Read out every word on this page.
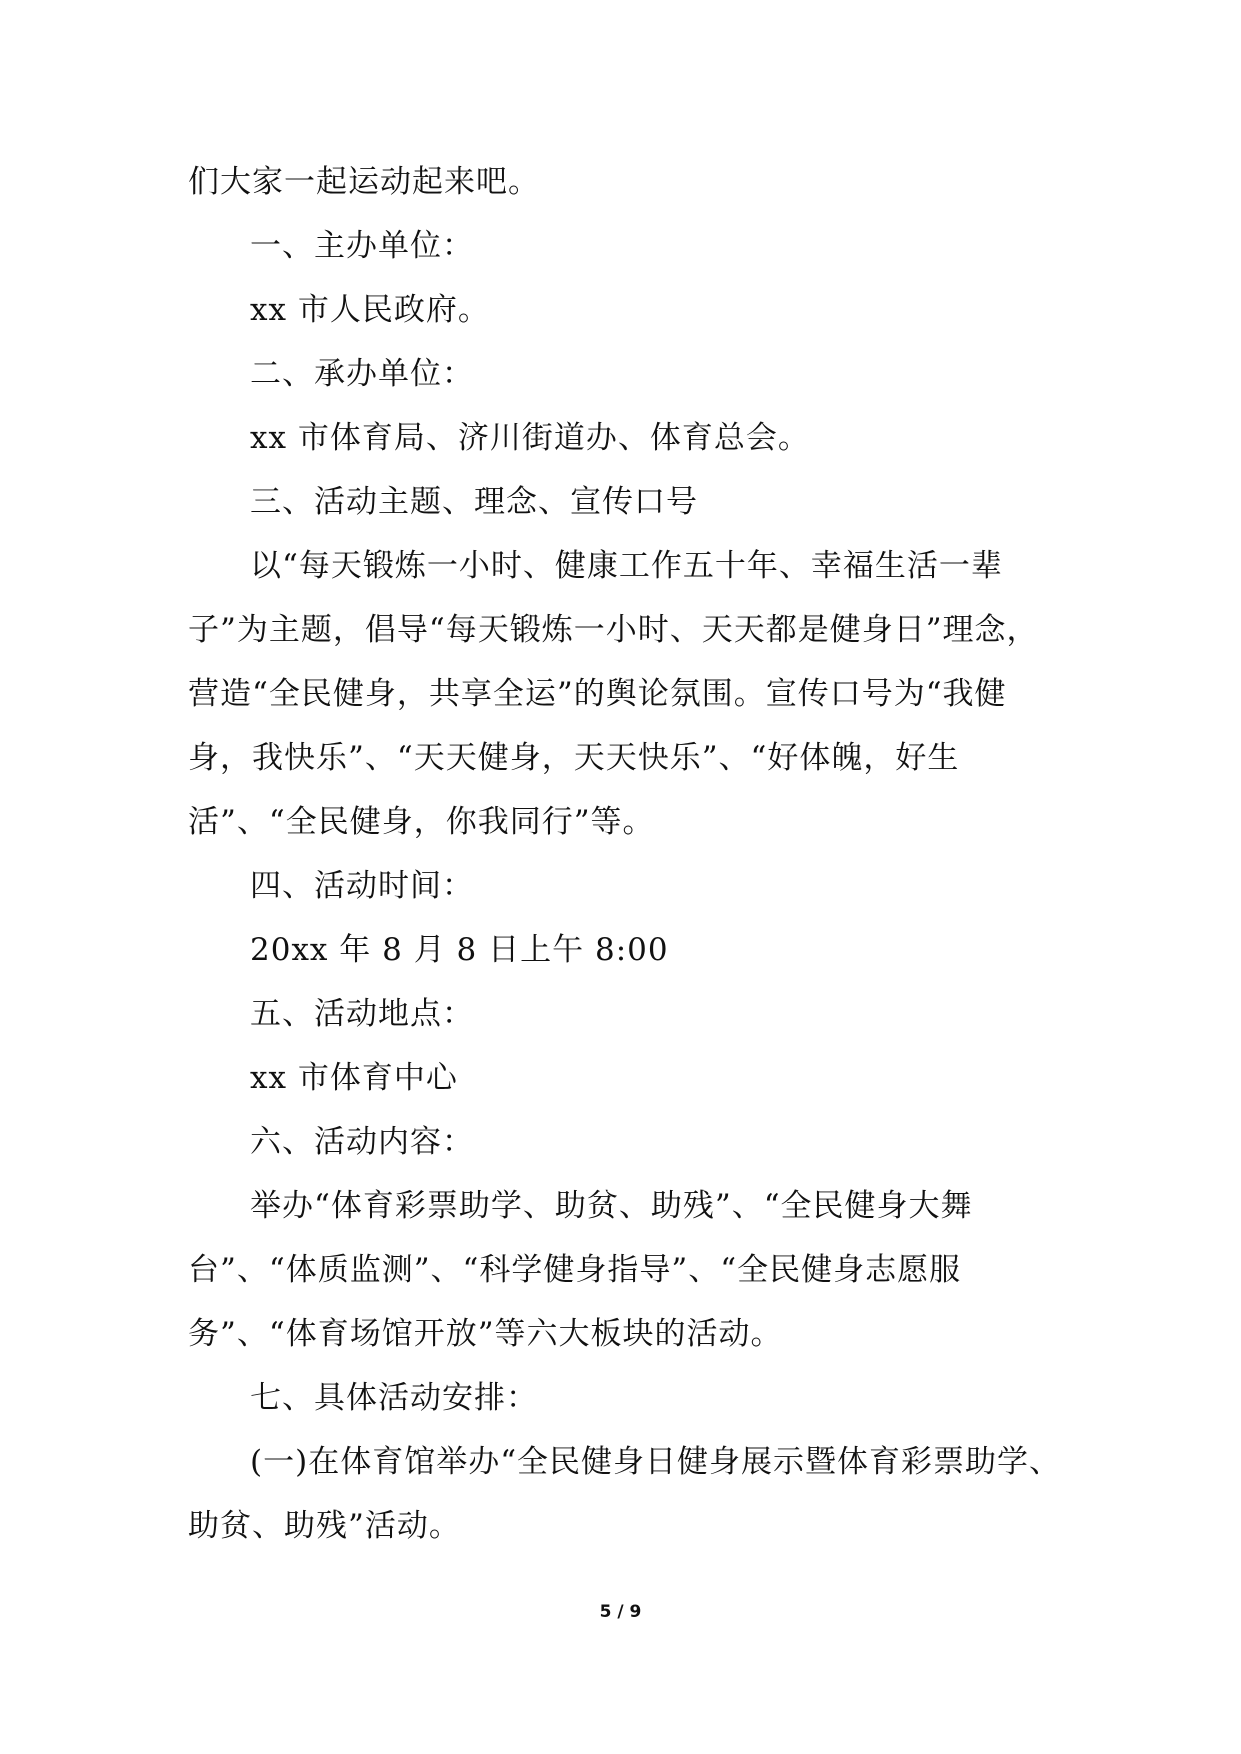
们大家一起运动起来吧。

一、主办单位：

xx 市人民政府。

二、承办单位：

xx 市体育局、济川街道办、体育总会。

三、活动主题、理念、宣传口号

以“每天锻炼一小时、健康工作五十年、幸福生活一辈子”为主题，倡导“每天锻炼一小时、天天都是健身日”理念，营造“全民健身，共享全运”的舆论氛围。宣传口号为“我健身，我快乐”、“天天健身，天天快乐”、“好体魄，好生活”、“全民健身，你我同行”等。

四、活动时间：

20xx 年 8 月 8 日上午 8:00

五、活动地点：

xx 市体育中心

六、活动内容：

举办“体育彩票助学、助贫、助残”、“全民健身大舞台”、“体质监测”、“科学健身指导”、“全民健身志愿服务”、“体育场馆开放”等六大板块的活动。

七、具体活动安排：

(一)在体育馆举办“全民健身日健身展示暨体育彩票助学、助贫、助残”活动。

5 / 9
